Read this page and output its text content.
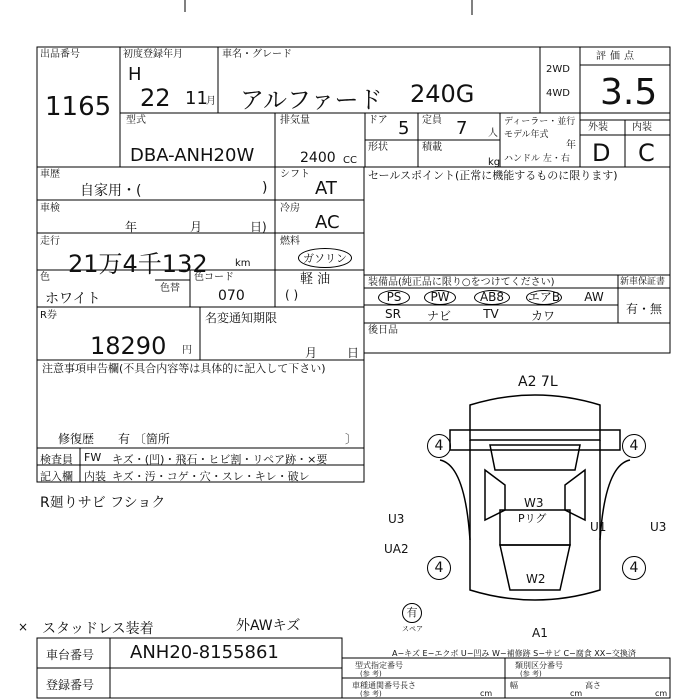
出品番号
1165
初度登録年月
H
22 11
月
車名・グレード
アルファード 240G
2WD
4WD
評価点
3.5
外装 内装
D C
型式
DBA-ANH20W
排気量
2400 CC
ドア 5 定員 7 人
形状	積載
kg
ディーラー・並行
モデル年式
年
ハンドル 左・右
車歴
自家用・(	)
車検
年	月	日)
走行
21万4千132	km
色
ホワイト
色替
色コード
070
シフト
AT
冷房
AC
燃料
ガソリン
軽 油
( )
セールスポイント(正常に機能するものに限ります)
装備品(純正品に限り○をつけてください)	新車保証書
有・無
PS	PW	AB8	エアB	AW
SR	ナビ	TV	カワ
後日品
R券
18290 円
名変通知期限
月 日
注意事項申告欄(不具合内容等は具体的に記入して下さい)
修復歴 有 〔箇所	〕
検査員 FW キズ・(凹)・飛石・ヒビ割・リペア跡・×要
記入欄 内装 キズ・汚・コゲ・穴・スレ・キレ・破レ
R廻りサビ フショク
スタッドレス装着	外AWキズ
×
A2 7L
4	4
4	4
U3
U3
UA2
U1
W3
Pリグ
W2
A1
有
スペア
A−キズ E−エクボ U−凹み W−補修跡 S−サビ C−腐食 XX−交換済
車台番号 ANH20-8155861
登録番号
型式指定番号
(参 考)
類別区分番号
(参 考)
車種通関番号
(参 考)
長さ
cm
幅
cm
高さ
cm
